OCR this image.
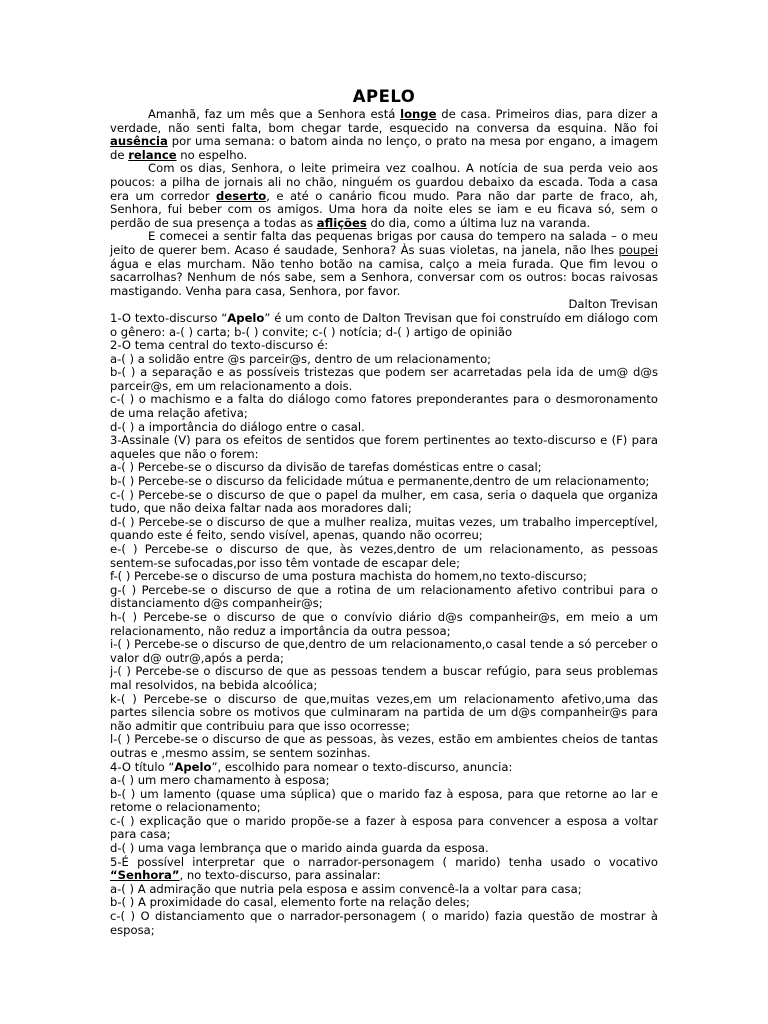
APELO

Amanhã, faz um mês que a Senhora está longe de casa. Primeiros dias, para dizer a verdade, não senti falta, bom chegar tarde, esquecido na conversa da esquina. Não foi ausência por uma semana: o batom ainda no lenço, o prato na mesa por engano, a imagem de relance no espelho.

Com os dias, Senhora, o leite primeira vez coalhou. A notícia de sua perda veio aos poucos: a pilha de jornais ali no chão, ninguém os guardou debaixo da escada. Toda a casa era um corredor deserto, e até o canário ficou mudo. Para não dar parte de fraco, ah, Senhora, fui beber com os amigos. Uma hora da noite eles se iam e eu ficava só, sem o perdão de sua presença a todas as aflições do dia, como a última luz na varanda.

E comecei a sentir falta das pequenas brigas por causa do tempero na salada – o meu jeito de querer bem. Acaso é saudade, Senhora? Às suas violetas, na janela, não lhes poupei água e elas murcham. Não tenho botão na camisa, calço a meia furada. Que fim levou o sacarrolhas? Nenhum de nós sabe, sem a Senhora, conversar com os outros: bocas raivosas mastigando. Venha para casa, Senhora, por favor.

Dalton Trevisan

1-O texto-discurso “Apelo” é um conto de Dalton Trevisan que foi construído em diálogo com o gênero: a-( ) carta; b-( ) convite; c-( ) notícia; d-( ) artigo de opinião

2-O tema central do texto-discurso é:

a-( ) a solidão entre @s parceir@s, dentro de um relacionamento;

b-( ) a separação e as possíveis tristezas que podem ser acarretadas pela ida de um@ d@s parceir@s, em um relacionamento a dois.

c-( ) o machismo e a falta do diálogo como fatores preponderantes para o desmoronamento de uma relação afetiva;

d-( ) a importância do diálogo entre o casal.

3-Assinale (V) para os efeitos de sentidos que forem pertinentes ao texto-discurso e (F) para aqueles que não o forem:

a-( ) Percebe-se o discurso da divisão de tarefas domésticas entre o casal;

b-( ) Percebe-se o discurso da felicidade mútua e permanente,dentro de um relacionamento;

c-( ) Percebe-se o discurso de que o papel da mulher, em casa, seria o daquela que organiza tudo, que não deixa faltar nada aos moradores dali;

d-( ) Percebe-se o discurso de que a mulher realiza, muitas vezes, um trabalho imperceptível, quando este é feito, sendo visível, apenas, quando não ocorreu;

e-( ) Percebe-se o discurso de que, às vezes,dentro de um relacionamento, as pessoas sentem-se sufocadas,por isso têm vontade de escapar dele;

f-( ) Percebe-se o discurso de uma postura machista do homem,no texto-discurso;

g-( ) Percebe-se o discurso de que a rotina de um relacionamento afetivo contribui para o distanciamento d@s companheir@s;

h-( ) Percebe-se o discurso de que o convívio diário d@s companheir@s, em meio a um relacionamento, não reduz a importância da outra pessoa;

i-( ) Percebe-se o discurso de que,dentro de um relacionamento,o casal tende a só perceber o valor d@ outr@,após a perda;

j-( ) Percebe-se o discurso de que as pessoas tendem a buscar refúgio, para seus problemas mal resolvidos, na bebida alcoólica;

k-( ) Percebe-se o discurso de que,muitas vezes,em um relacionamento afetivo,uma das partes silencia sobre os motivos que culminaram na partida de um d@s companheir@s para não admitir que contribuiu para que isso ocorresse;

l-( ) Percebe-se o discurso de que as pessoas, às vezes, estão em ambientes cheios de tantas outras e ,mesmo assim, se sentem sozinhas.

4-O título “Apelo”, escolhido para nomear o texto-discurso, anuncia:

a-( ) um mero chamamento à esposa;

b-( ) um lamento (quase uma súplica) que o marido faz à esposa, para que retorne ao lar e retome o relacionamento;

c-( ) explicação que o marido propõe-se a fazer à esposa para convencer a esposa a voltar para casa;

d-( ) uma vaga lembrança que o marido ainda guarda da esposa.

5-É possível interpretar que o narrador-personagem ( marido) tenha usado o vocativo “Senhora”, no texto-discurso, para assinalar:

a-( ) A admiração que nutria pela esposa e assim convencê-la a voltar para casa;

b-( ) A proximidade do casal, elemento forte na relação deles;

c-( ) O distanciamento que o narrador-personagem ( o marido) fazia questão de mostrar à esposa;
